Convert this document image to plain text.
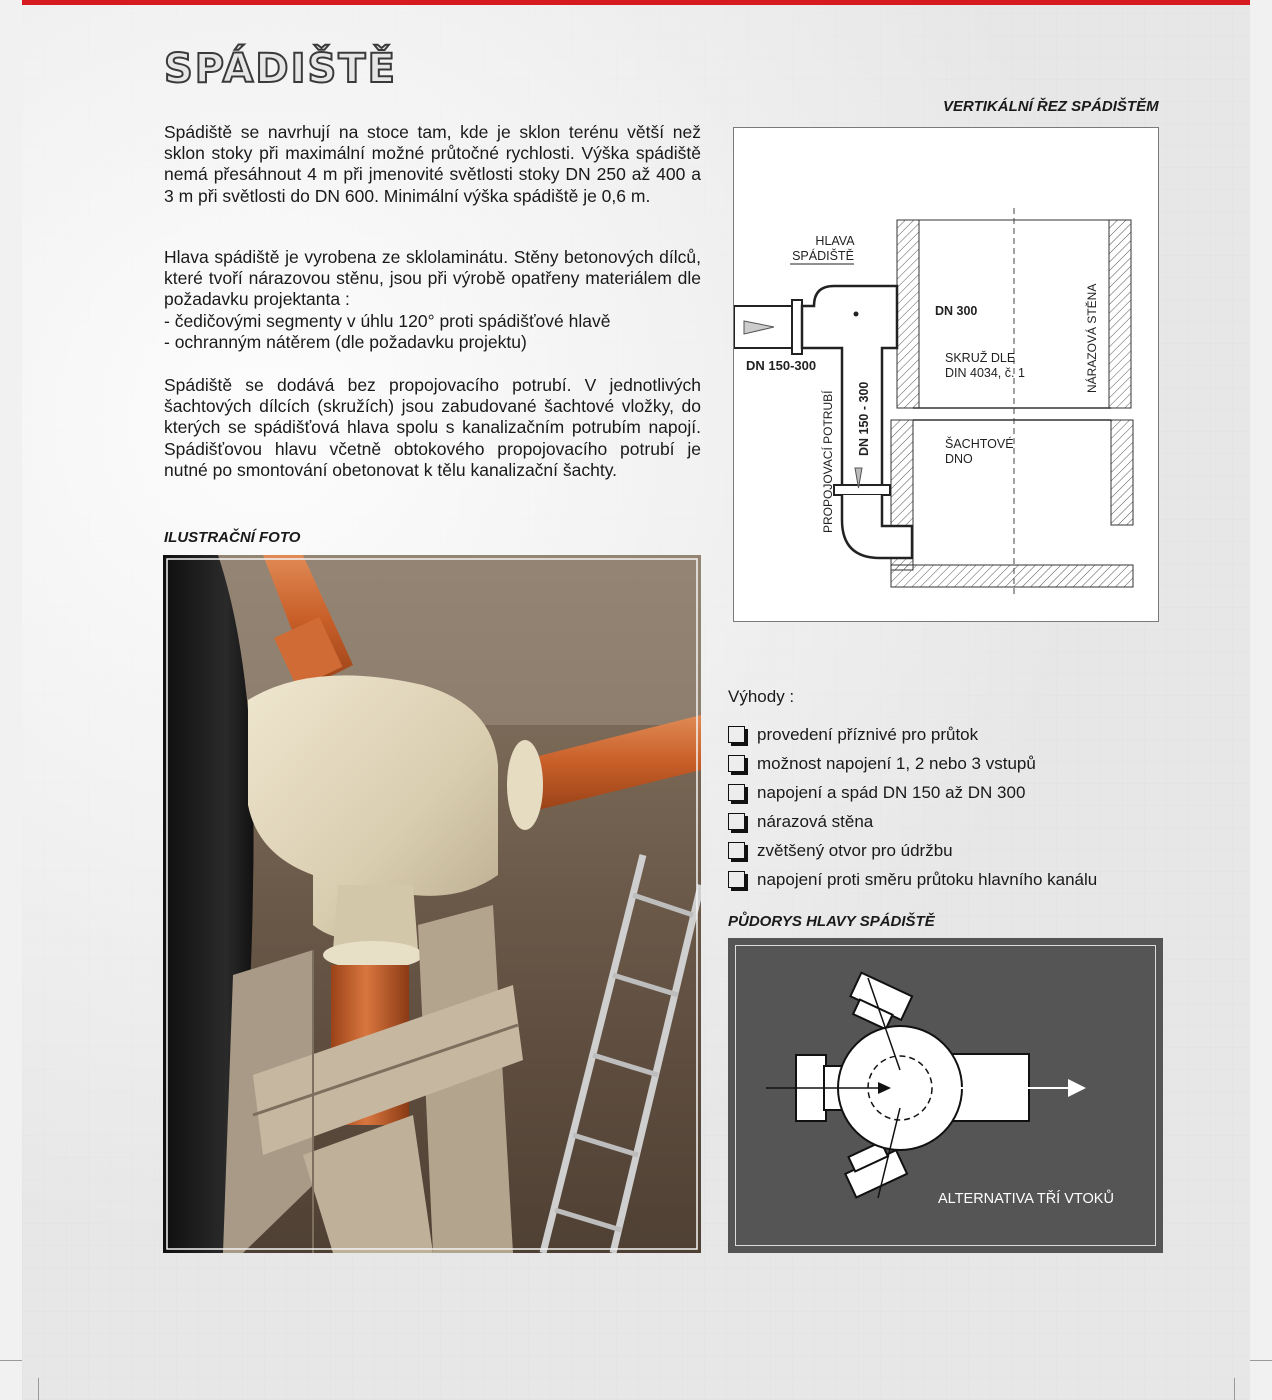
SPÁDIŠTĚ
Spádiště se navrhují na stoce tam, kde je sklon terénu větší než sklon stoky při maximální možné průtočné rychlosti. Výška spádiště nemá přesáhnout 4 m při jmenovité světlosti stoky DN 250 až 400 a 3 m při světlosti do DN 600. Minimální výška spádiště je 0,6 m.
Hlava spádiště je vyrobena ze sklolaminátu. Stěny betonových dílců, které tvoří nárazovou stěnu, jsou při výrobě opatřeny materiálem dle požadavku projektanta :
- čedičovými segmenty v úhlu 120° proti spádišťové hlavě
- ochranným nátěrem (dle požadavku projektu)
Spádiště se dodává bez propojovacího potrubí. V jednotlivých šachtových dílcích (skružích) jsou zabudované šachtové vložky, do kterých se spádišťová hlava spolu s kanalizačním potrubím napojí. Spádišťovou hlavu včetně obtokového propojovacího potrubí je nutné po smontování obetonovat k tělu kanalizační šachty.
ILUSTRAČNÍ FOTO
VERTIKÁLNÍ ŘEZ SPÁDIŠTĚM
HLAVA
SPÁDIŠTĚ
DN 300
DN 150-300
DN 150 - 300
PROPOJOVACÍ POTRUBÍ
SKRUŽ DLE
DIN 4034, č. 1	NÁRAZOVÁ STĚNA
ŠACHTOVÉ
DNO
Výhody :
provedení příznivé pro průtok
možnost napojení 1, 2 nebo 3 vstupů
napojení a spád DN 150 až DN 300
nárazová stěna
zvětšený otvor pro údržbu
napojení proti směru průtoku hlavního kanálu
PŮDORYS HLAVY SPÁDIŠTĚ
ALTERNATIVA TŘÍ VTOKŮ
